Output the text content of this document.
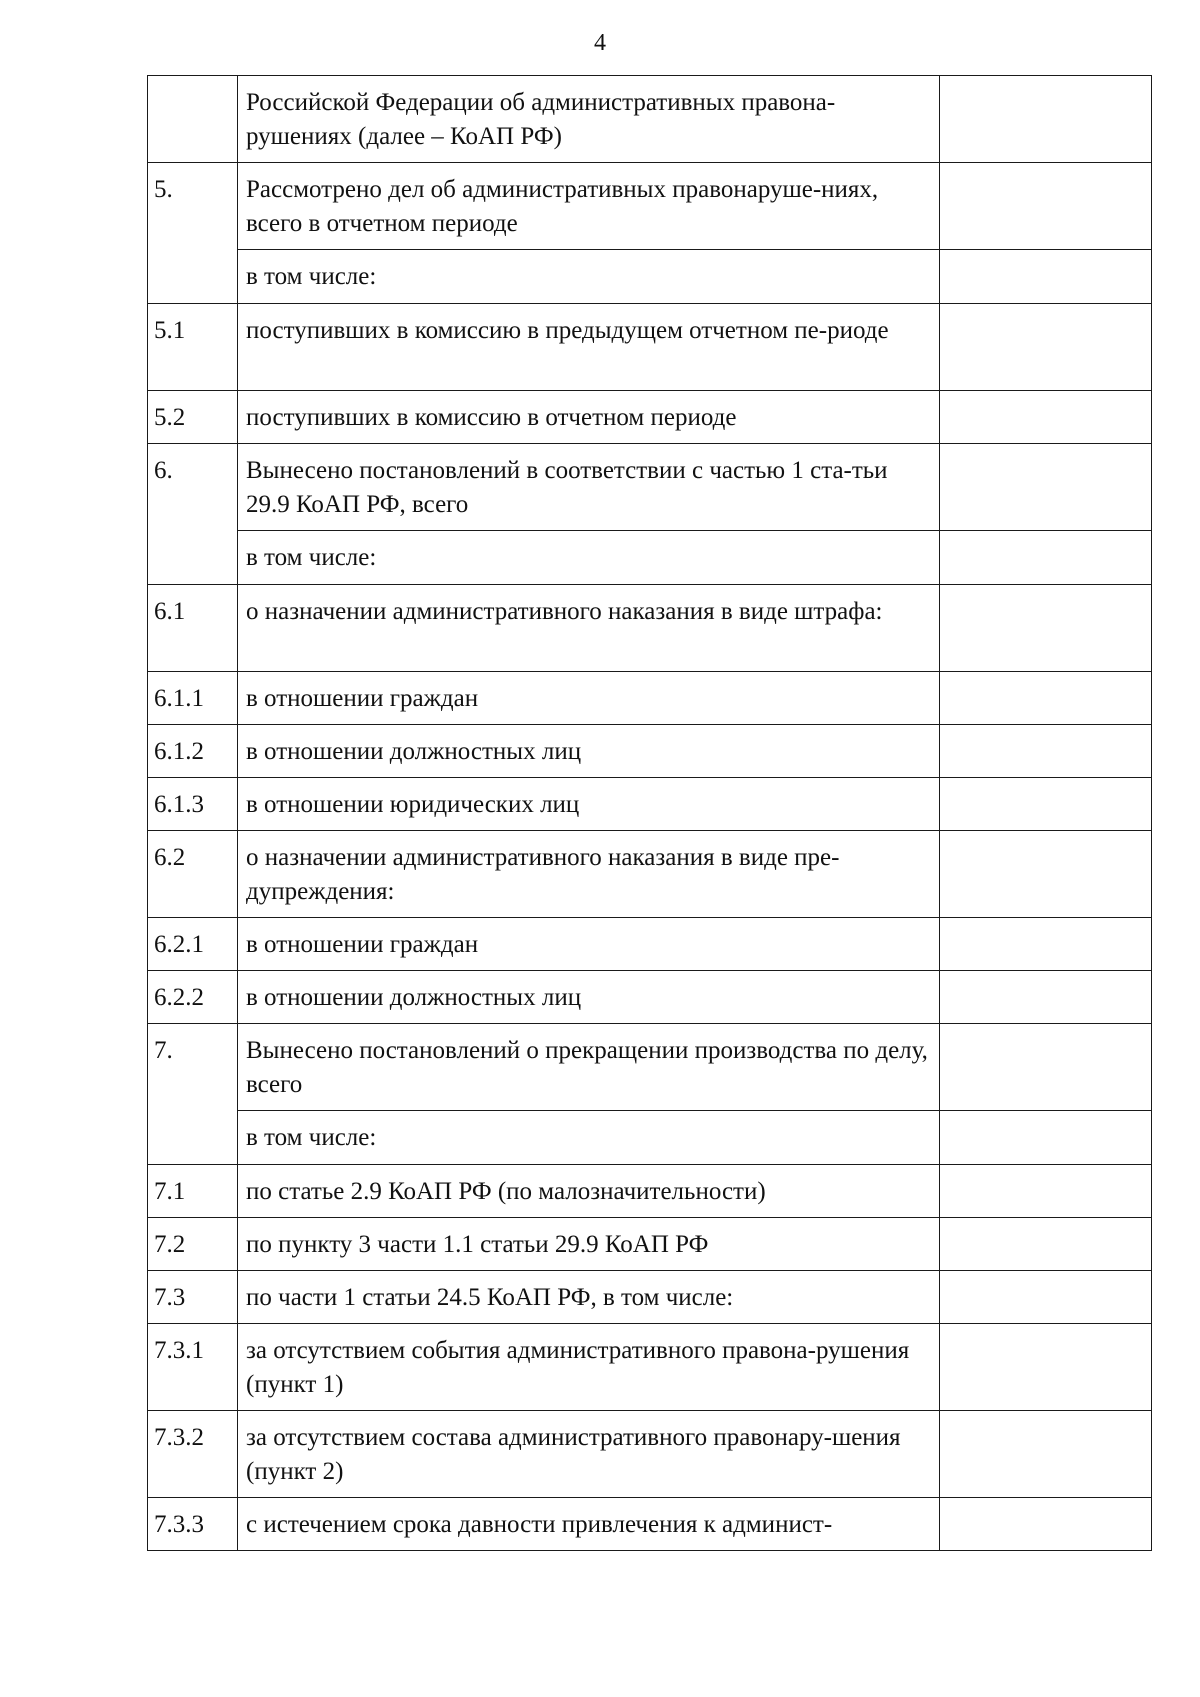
4
	Российской Федерации об административных правона-рушениях (далее – КоАП РФ)	
5.	Рассмотрено дел об административных правонаруше-ниях, всего в отчетном периоде	
	в том числе:	
5.1	поступивших в комиссию в предыдущем отчетном пе-риоде	
5.2	поступивших в комиссию в отчетном периоде	
6.	Вынесено постановлений в соответствии с частью 1 ста-тьи 29.9 КоАП РФ, всего	
	в том числе:	
6.1	о назначении административного наказания в виде штрафа:	
6.1.1	в отношении граждан	
6.1.2	в отношении должностных лиц	
6.1.3	в отношении юридических лиц	
6.2	о назначении административного наказания в виде пре-дупреждения:	
6.2.1	в отношении граждан	
6.2.2	в отношении должностных лиц	
7.	Вынесено постановлений о прекращении производства по делу, всего	
	в том числе:	
7.1	по статье 2.9 КоАП РФ (по малозначительности)	
7.2	по пункту 3 части 1.1 статьи 29.9 КоАП РФ	
7.3	по части 1 статьи 24.5 КоАП РФ, в том числе:	
7.3.1	за отсутствием события административного правона-рушения (пункт 1)	
7.3.2	за отсутствием состава административного правонару-шения (пункт 2)	
7.3.3	с истечением срока давности привлечения к админист-	
